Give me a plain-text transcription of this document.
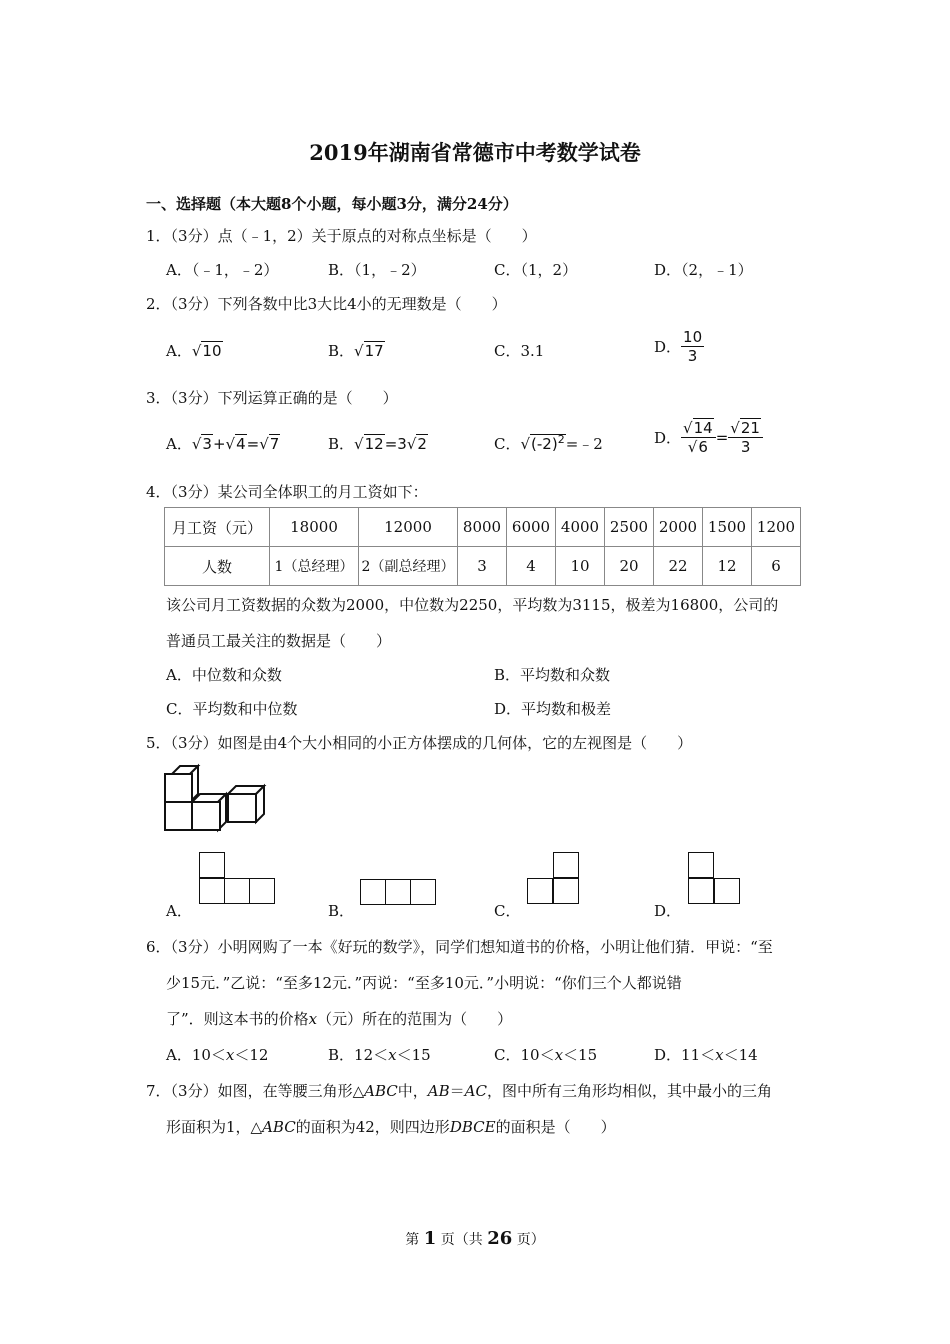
2019年湖南省常德市中考数学试卷
一、选择题（本大题8个小题，每小题3分，满分24分）
1．（3分）点（﹣1，2）关于原点的对称点坐标是（　　）
A．（﹣1，﹣2）	B．（1，﹣2）	C．（1，2）	D．（2，﹣1）
2．（3分）下列各数中比3大比4小的无理数是（　　）
A．√10	B．√17	C．3.1	D． $\frac{10}{3}$
3．（3分）下列运算正确的是（　　）
A．√3+√4=√7	B．√12=3√2	C．$√(-2)^2=﹣2$	D． $\frac{√14}{√6} = \frac{√21}{3}$
4．（3分）某公司全体职工的月工资如下：
月工资（元）	18000	12000	8000	6000	4000	2500	2000	1500	1200
人数	1（总经理）	2（副总经理）	3	4	10	20	22	12	6
该公司月工资数据的众数为2000，中位数为2250，平均数为3115，极差为16800，公司的
普通员工最关注的数据是（　　）
A．中位数和众数	B．平均数和众数
C．平均数和中位数	D．平均数和极差
5．（3分）如图是由4个大小相同的小正方体摆成的几何体，它的左视图是（　　）
A．	B．	C．	D．
6．（3分）小明网购了一本《好玩的数学》，同学们想知道书的价格，小明让他们猜．甲说：“至
少15元．”乙说：“至多12元．”丙说：“至多10元．”小明说：“你们三个人都说错
了”．则这本书的价格x（元）所在的范围为（　　）
A．10＜x＜12	B．12＜x＜15	C．10＜x＜15	D．11＜x＜14
7．（3分）如图，在等腰三角形△ABC中，AB＝AC，图中所有三角形均相似，其中最小的三角
形面积为1，△ABC的面积为42，则四边形DBCE的面积是（　　）
第 1 页（共 26 页）
